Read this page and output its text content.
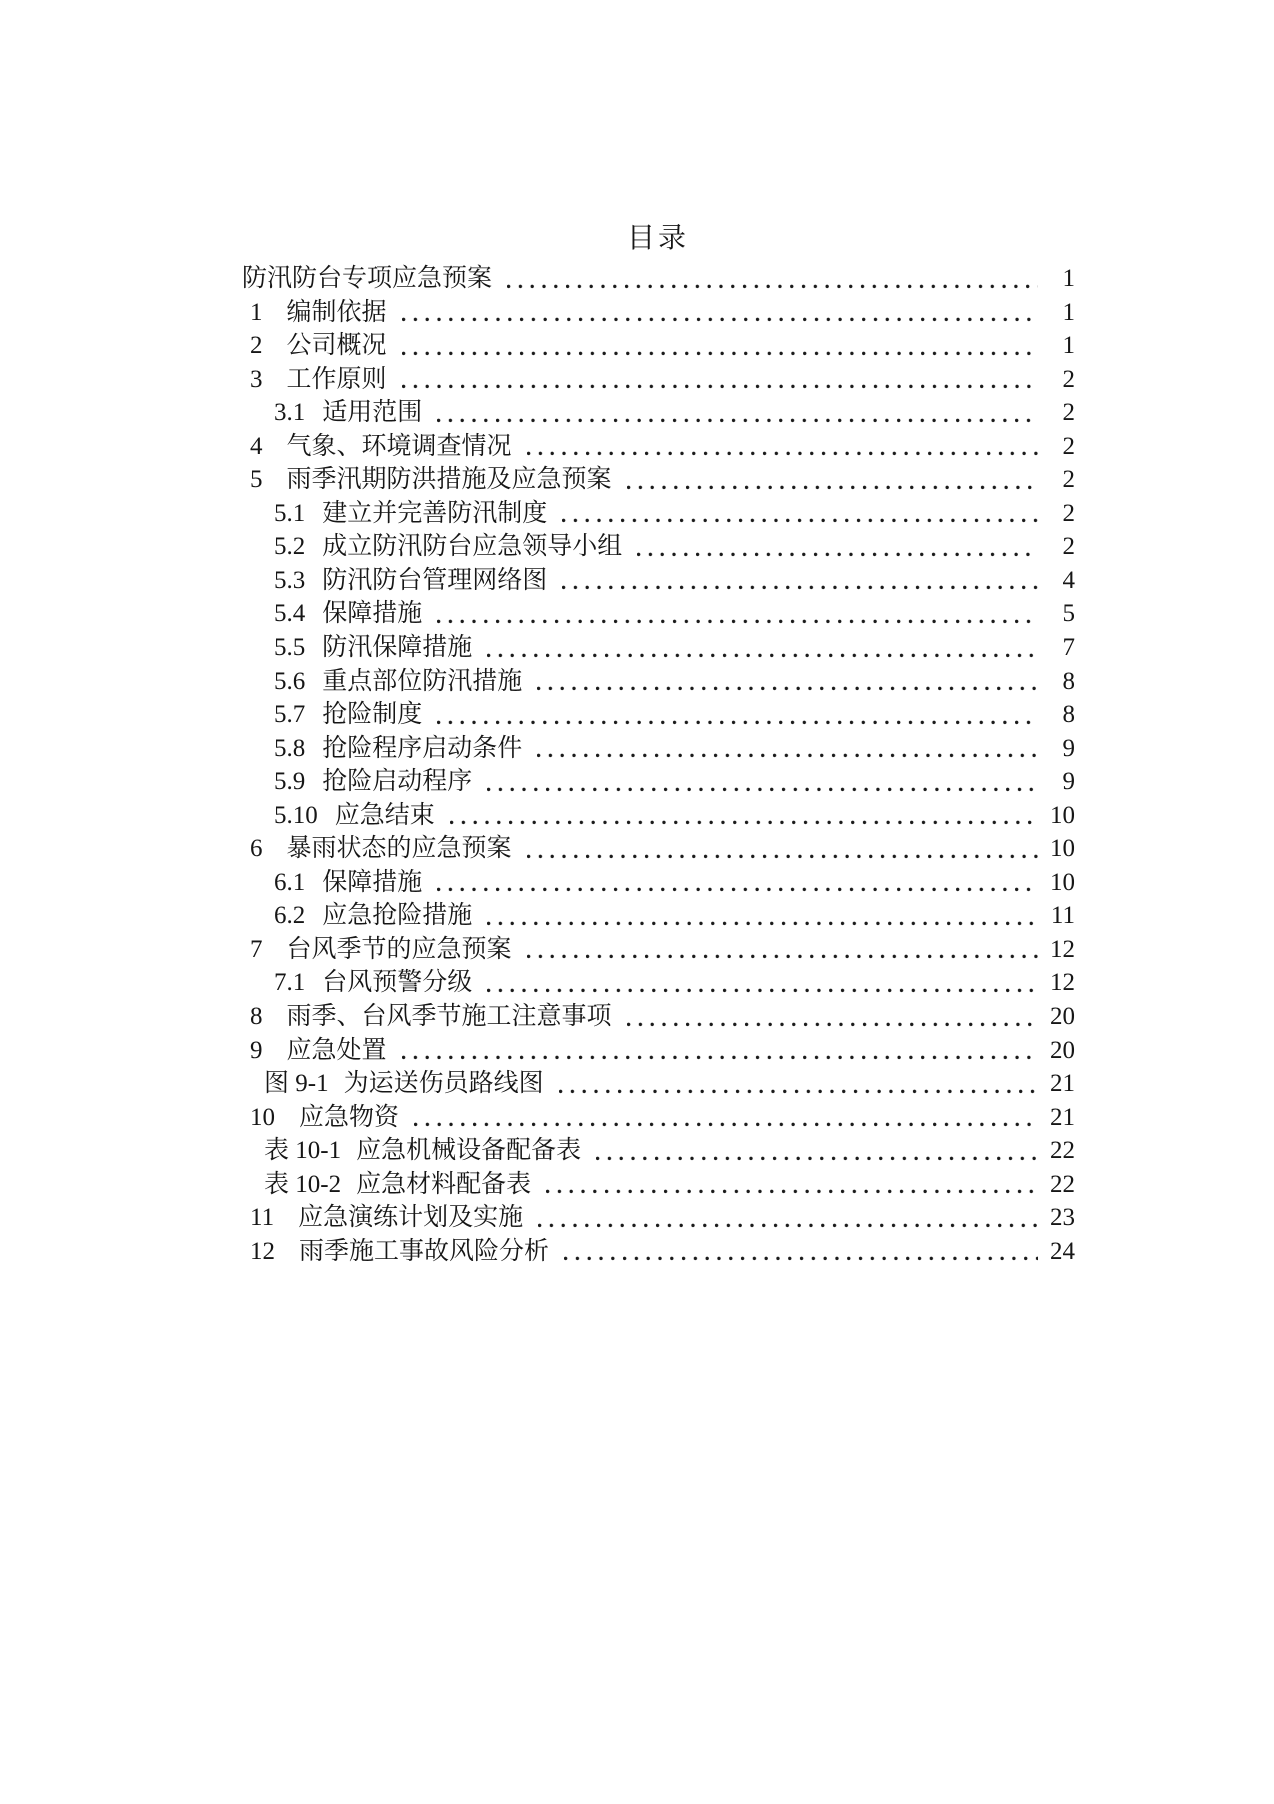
目录
防汛防台专项应急预案	1
1 编制依据	1
2 公司概况	1
3 工作原则	2
3.1 适用范围	2
4 气象、环境调查情况	2
5 雨季汛期防洪措施及应急预案	2
5.1 建立并完善防汛制度	2
5.2 成立防汛防台应急领导小组	2
5.3 防汛防台管理网络图	4
5.4 保障措施	5
5.5 防汛保障措施	7
5.6 重点部位防汛措施	8
5.7 抢险制度	8
5.8 抢险程序启动条件	9
5.9 抢险启动程序	9
5.10 应急结束	10
6 暴雨状态的应急预案	10
6.1 保障措施	10
6.2 应急抢险措施	11
7 台风季节的应急预案	12
7.1 台风预警分级	12
8 雨季、台风季节施工注意事项	20
9 应急处置	20
图 9-1 为运送伤员路线图	21
10 应急物资	21
表 10-1 应急机械设备配备表	22
表 10-2 应急材料配备表	22
11 应急演练计划及实施	23
12 雨季施工事故风险分析	24
